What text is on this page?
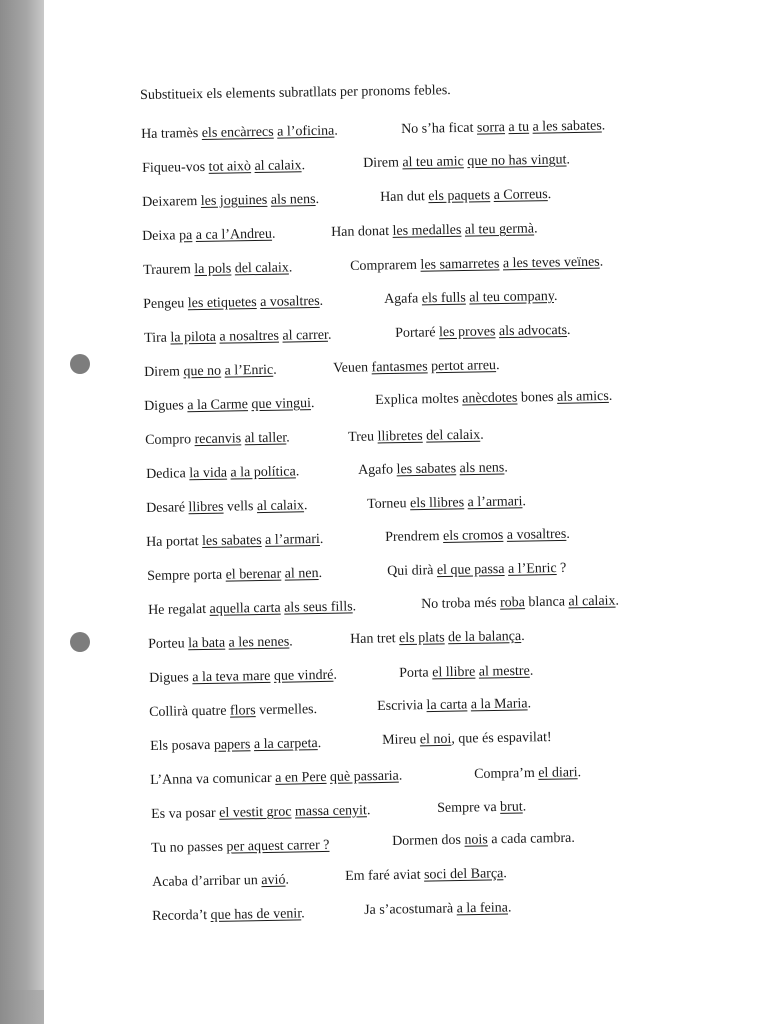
Substitueix els elements subratllats per pronoms febles.
Ha tramès els encàrrecs a l’oficina.	No s’ha ficat sorra a tu a les sabates.
Fiqueu-vos tot això al calaix.	Direm al teu amic que no has vingut.
Deixarem les joguines als nens.	Han dut els paquets a Correus.
Deixa pa a ca l’Andreu.	Han donat les medalles al teu germà.
Traurem la pols del calaix.	Comprarem les samarretes a les teves veïnes.
Pengeu les etiquetes a vosaltres.	Agafa els fulls al teu company.
Tira la pilota a nosaltres al carrer.	Portaré les proves als advocats.
Direm que no a l’Enric.	Veuen fantasmes pertot arreu.
Digues a la Carme que vingui.	Explica moltes anècdotes bones als amics.
Compro recanvis al taller.	Treu llibretes del calaix.
Dedica la vida a la política.	Agafo les sabates als nens.
Desaré llibres vells al calaix.	Torneu els llibres a l’armari.
Ha portat les sabates a l’armari.	Prendrem els cromos a vosaltres.
Sempre porta el berenar al nen.	Qui dirà el que passa a l’Enric ?
He regalat aquella carta als seus fills.	No troba més roba blanca al calaix.
Porteu la bata a les nenes.	Han tret els plats de la balança.
Digues a la teva mare que vindré.	Porta el llibre al mestre.
Collirà quatre flors vermelles.	Escrivia la carta a la Maria.
Els posava papers a la carpeta.	Mireu el noi, que és espavilat!
L’Anna va comunicar a en Pere què passaria.	Compra’m el diari.
Es va posar el vestit groc massa cenyit.	Sempre va brut.
Tu no passes per aquest carrer ?	Dormen dos nois a cada cambra.
Acaba d’arribar un avió.	Em faré aviat soci del Barça.
Recorda’t que has de venir.	Ja s’acostumarà a la feina.
